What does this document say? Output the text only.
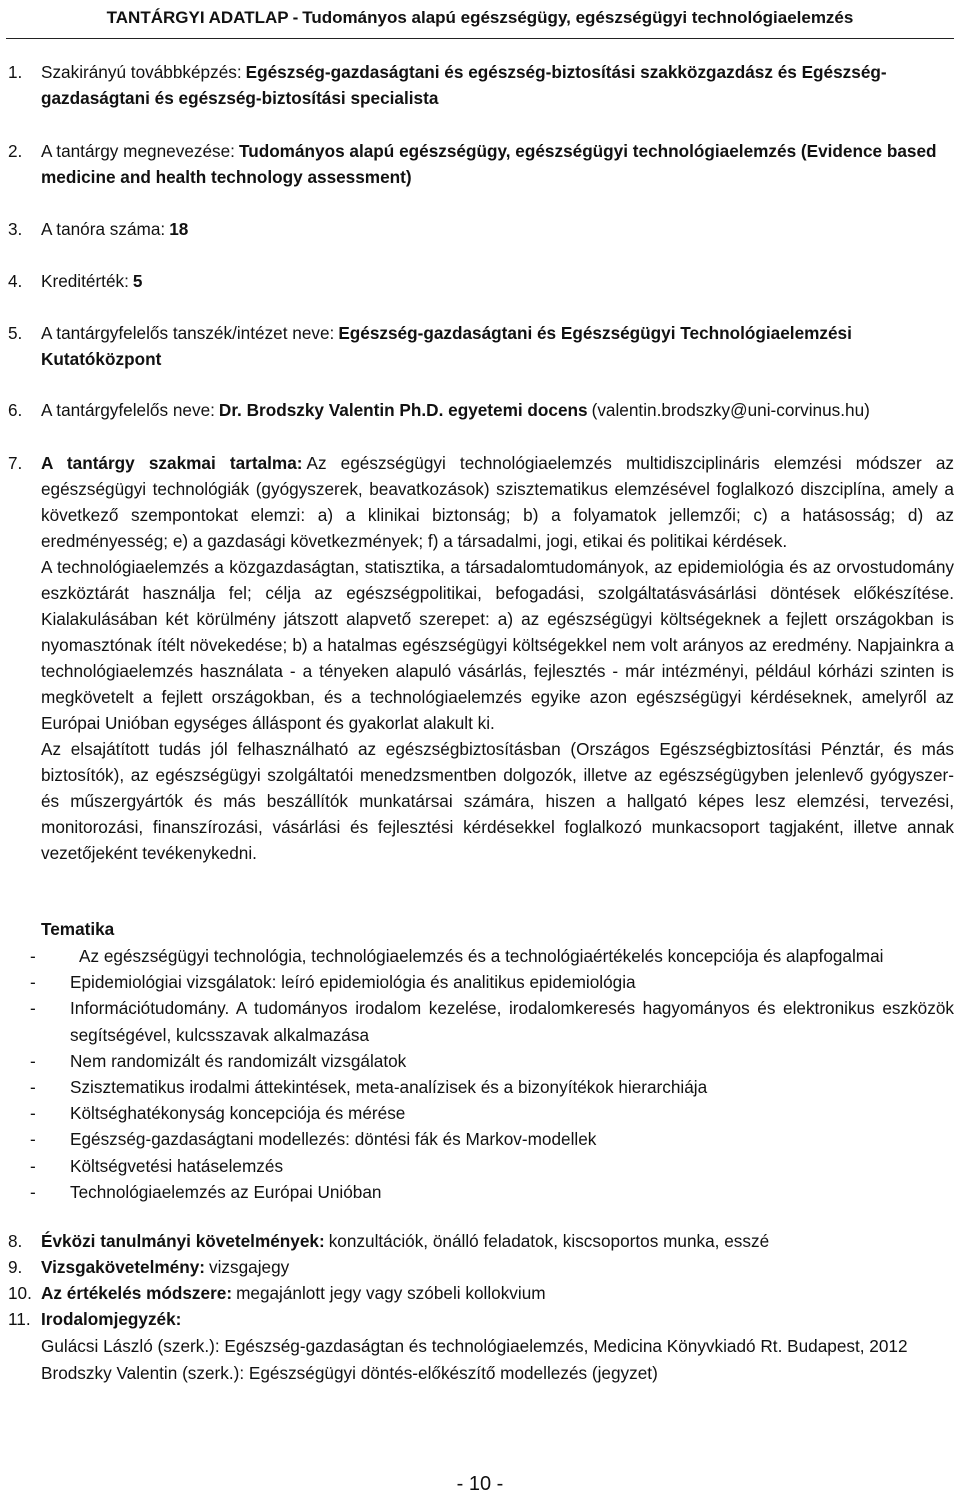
TANTÁRGYI ADATLAP - Tudományos alapú egészségügy, egészségügyi technológiaelemzés
1. Szakirányú továbbképzés: Egészség-gazdaságtani és egészség-biztosítási szakközgazdász és Egészség-gazdaságtani és egészség-biztosítási specialista
2. A tantárgy megnevezése: Tudományos alapú egészségügy, egészségügyi technológiaelemzés (Evidence based medicine and health technology assessment)
3. A tanóra száma: 18
4. Kreditérték: 5
5. A tantárgyfelelős tanszék/intézet neve: Egészség-gazdaságtani és Egészségügyi Technológiaelemzési Kutatóközpont
6. A tantárgyfelelős neve: Dr. Brodszky Valentin Ph.D. egyetemi docens (valentin.brodszky@uni-corvinus.hu)
7. A tantárgy szakmai tartalma: Az egészségügyi technológiaelemzés multidiszciplináris elemzési módszer az egészségügyi technológiák (gyógyszerek, beavatkozások) szisztematikus elemzésével foglalkozó diszciplína, amely a következő szempontokat elemzi: a) a klinikai biztonság; b) a folyamatok jellemzői; c) a hatásosság; d) az eredményesség; e) a gazdasági következmények; f) a társadalmi, jogi, etikai és politikai kérdések.
A technológiaelemzés a közgazdaságtan, statisztika, a társadalomtudományok, az epidemiológia és az orvostudomány eszköztárát használja fel; célja az egészségpolitikai, befogadási, szolgáltatásvásárlási döntések előkészítése. Kialakulásában két körülmény játszott alapvető szerepet: a) az egészségügyi költségeknek a fejlett országokban is nyomasztónak ítélt növekedése; b) a hatalmas egészségügyi költségekkel nem volt arányos az eredmény. Napjainkra a technológiaelemzés használata - a tényeken alapuló vásárlás, fejlesztés - már intézményi, például kórházi szinten is megkövetelt a fejlett országokban, és a technológiaelemzés egyike azon egészségügyi kérdéseknek, amelyről az Európai Unióban egységes álláspont és gyakorlat alakult ki.
Az elsajátított tudás jól felhasználható az egészségbiztosításban (Országos Egészségbiztosítási Pénztár, és más biztosítók), az egészségügyi szolgáltatói menedzsmentben dolgozók, illetve az egészségügyben jelenlevő gyógyszer- és műszergyártók és más beszállítók munkatársai számára, hiszen a hallgató képes lesz elemzési, tervezési, monitorozási, finanszírozási, vásárlási és fejlesztési kérdésekkel foglalkozó munkacsoport tagjaként, illetve annak vezetőjeként tevékenykedni.
Tematika
-	Az egészségügyi technológia, technológiaelemzés és a technológiaértékelés koncepciója és alapfogalmai
- Epidemiológiai vizsgálatok: leíró epidemiológia és analitikus epidemiológia
- Információtudomány. A tudományos irodalom kezelése, irodalomkeresés hagyományos és elektronikus eszközök segítségével, kulcsszavak alkalmazása
- Nem randomizált és randomizált vizsgálatok
- Szisztematikus irodalmi áttekintések, meta-analízisek és a bizonyítékok hierarchiája
- Költséghatékonyság koncepciója és mérése
- Egészség-gazdaságtani modellezés: döntési fák és Markov-modellek
- Költségvetési hatáselemzés
- Technológiaelemzés az Európai Unióban
8. Évközi tanulmányi követelmények: konzultációk, önálló feladatok, kiscsoportos munka, esszé
9. Vizsgakövetelmény: vizsgajegy
10. Az értékelés módszere: megajánlott jegy vagy szóbeli kollokvium
11. Irodalomjegyzék:
Gulácsi László (szerk.): Egészség-gazdaságtan és technológiaelemzés, Medicina Könyvkiadó Rt. Budapest, 2012
Brodszky Valentin (szerk.): Egészségügyi döntés-előkészítő modellezés (jegyzet)
- 10 -
